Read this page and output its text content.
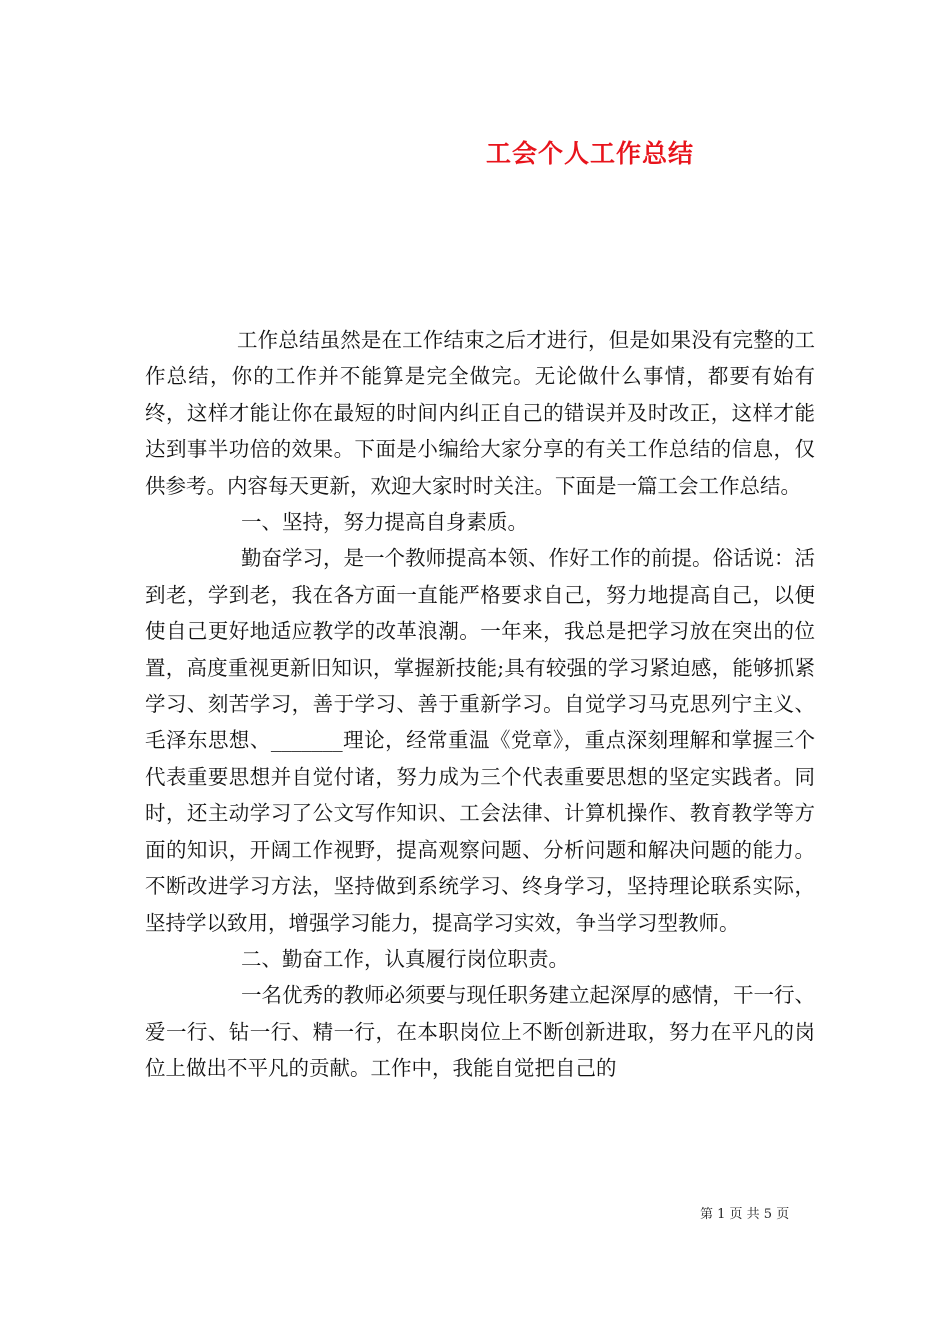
工会个人工作总结

工作总结虽然是在工作结束之后才进行，但是如果没有完整的工作总结，你的工作并不能算是完全做完。无论做什么事情，都要有始有终，这样才能让你在最短的时间内纠正自己的错误并及时改正，这样才能达到事半功倍的效果。下面是小编给大家分享的有关工作总结的信息，仅供参考。内容每天更新，欢迎大家时时关注。下面是一篇工会工作总结。

一、坚持，努力提高自身素质。

勤奋学习，是一个教师提高本领、作好工作的前提。俗话说：活到老，学到老，我在各方面一直能严格要求自己，努力地提高自己，以便使自己更好地适应教学的改革浪潮。一年来，我总是把学习放在突出的位置，高度重视更新旧知识，掌握新技能;具有较强的学习紧迫感，能够抓紧学习、刻苦学习，善于学习、善于重新学习。自觉学习马克思列宁主义、毛泽东思想、_______理论，经常重温《党章》，重点深刻理解和掌握三个代表重要思想并自觉付诸，努力成为三个代表重要思想的坚定实践者。同时，还主动学习了公文写作知识、工会法律、计算机操作、教育教学等方面的知识，开阔工作视野，提高观察问题、分析问题和解决问题的能力。不断改进学习方法，坚持做到系统学习、终身学习，坚持理论联系实际，坚持学以致用，增强学习能力，提高学习实效，争当学习型教师。

二、勤奋工作，认真履行岗位职责。

一名优秀的教师必须要与现任职务建立起深厚的感情，干一行、爱一行、钻一行、精一行，在本职岗位上不断创新进取，努力在平凡的岗位上做出不平凡的贡献。工作中，我能自觉把自己的

第 1 页 共 5 页
